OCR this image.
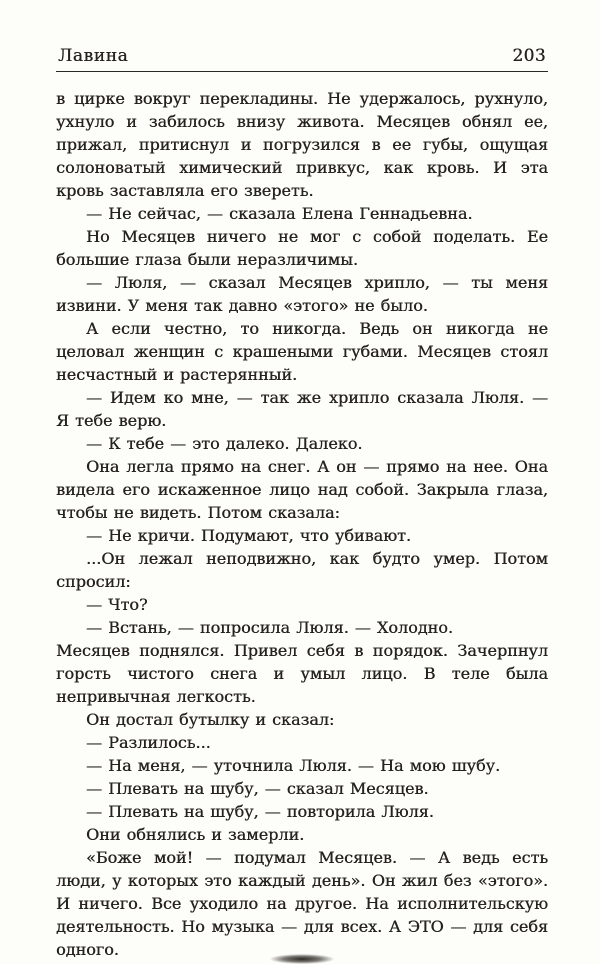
Лавина	203

в цирке вокруг перекладины. Не удержалось, рухнуло, ухнуло и забилось внизу живота. Месяцев обнял ее, прижал, притиснул и погрузился в ее губы, ощущая солоноватый химический привкус, как кровь. И эта кровь заставляла его звереть.

— Не сейчас, — сказала Елена Геннадьевна.

Но Месяцев ничего не мог с собой поделать. Ее большие глаза были неразличимы.

— Люля, — сказал Месяцев хрипло, — ты меня извини. У меня так давно «этого» не было.

А если честно, то никогда. Ведь он никогда не целовал женщин с крашеными губами. Месяцев стоял несчастный и растерянный.

— Идем ко мне, — так же хрипло сказала Люля. — Я тебе верю.

— К тебе — это далеко. Далеко.

Она легла прямо на снег. А он — прямо на нее. Она видела его искаженное лицо над собой. Закрыла глаза, чтобы не видеть. Потом сказала:

— Не кричи. Подумают, что убивают.

...Он лежал неподвижно, как будто умер. Потом спросил:

— Что?

— Встань, — попросила Люля. — Холодно.

Месяцев поднялся. Привел себя в порядок. Зачерпнул горсть чистого снега и умыл лицо. В теле была непривычная легкость.

Он достал бутылку и сказал:

— Разлилось...

— На меня, — уточнила Люля. — На мою шубу.

— Плевать на шубу, — сказал Месяцев.

— Плевать на шубу, — повторила Люля.

Они обнялись и замерли.

«Боже мой! — подумал Месяцев. — А ведь есть люди, у которых это каждый день». Он жил без «этого». И ничего. Все уходило на другое. На исполнительскую деятельность. Но музыка — для всех. А ЭТО — для себя одного.
